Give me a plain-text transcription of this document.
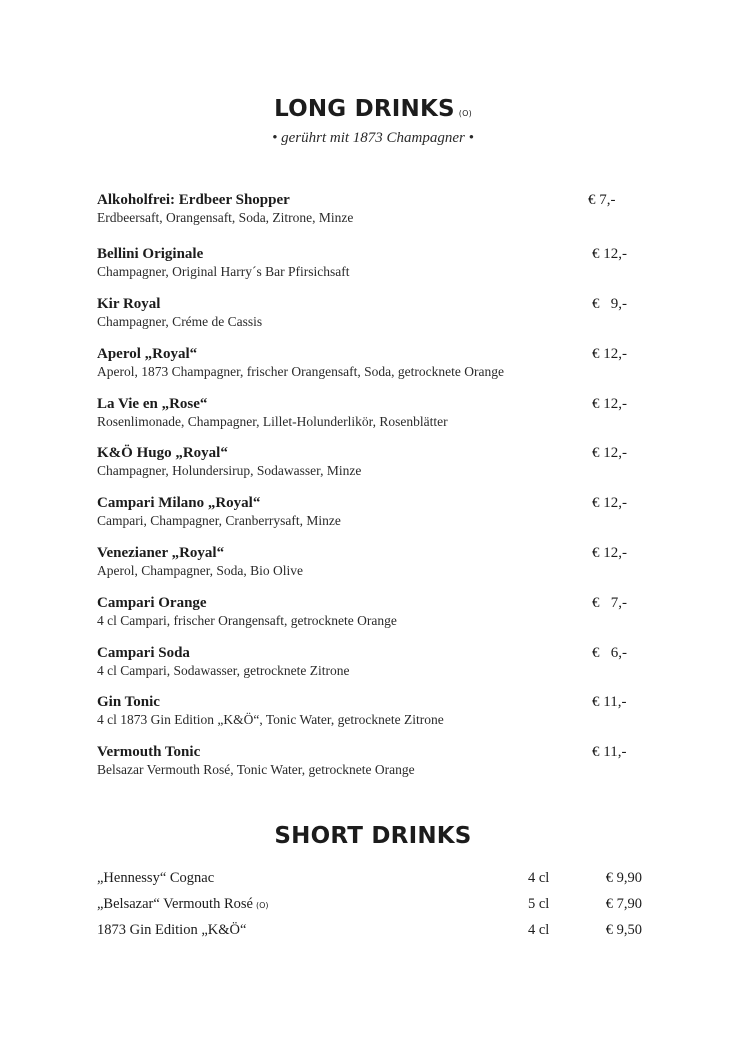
LONG DRINKS (O)
• gerührt mit 1873 Champagner •
Alkoholfrei: Erdbeer Shopper
Erdbeersaft, Orangensaft, Soda, Zitrone, Minze
€ 7,-
Bellini Originale
Champagner, Original Harry´s Bar Pfirsichsaft
€ 12,-
Kir Royal
Champagner, Créme de Cassis
€   9,-
Aperol „Royal“
Aperol, 1873 Champagner, frischer Orangensaft, Soda, getrocknete Orange
€ 12,-
La Vie en „Rose“
Rosenlimonade, Champagner, Lillet-Holunderlikör, Rosenblätter
€ 12,-
K&Ö Hugo „Royal“
Champagner, Holundersirup, Sodawasser, Minze
€ 12,-
Campari Milano „Royal“
Campari, Champagner, Cranberrysaft, Minze
€ 12,-
Venezianer „Royal“
Aperol, Champagner, Soda, Bio Olive
€ 12,-
Campari Orange
4 cl Campari, frischer Orangensaft, getrocknete Orange
€   7,-
Campari Soda
4 cl Campari, Sodawasser, getrocknete Zitrone
€   6,-
Gin Tonic
4 cl 1873 Gin Edition „K&Ö“, Tonic Water, getrocknete Zitrone
€ 11,-
Vermouth Tonic
Belsazar Vermouth Rosé, Tonic Water, getrocknete Orange
€ 11,-
SHORT DRINKS
„Hennessy“ Cognac	4 cl	€ 9,90
„Belsazar“ Vermouth Rosé (O)	5 cl	€ 7,90
1873 Gin Edition „K&Ö“	4 cl	€ 9,50
